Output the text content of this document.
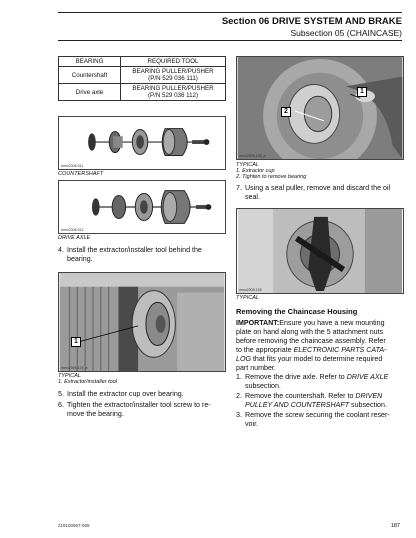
Section 06 DRIVE SYSTEM AND BRAKE
Subsection 05 (CHAINCASE)
BEARING	REQUIRED TOOL
Countershaft	BEARING PULLER/PUSHER
(P/N 529 036 111)
Drive axle	BEARING PULLER/PUSHER
(P/N 529 036 112)
mmo2008-011
COUNTERSHAFT
mmo2008-012
DRIVE AXLE
4. Install the extractor/installer tool behind the
bearing.
1
mmo2008-134_a
TYPICAL
1. Extractor/installer tool
5. Install the extractor cup over bearing.
6. Tighten the extractor/installer tool screw to re-
move the bearing.
1
2
mmo2008-135_a
TYPICAL
1. Extractor cup
2. Tighten to remove bearing
7. Using a seal puller, remove and discard the oil
seal.
mmo2008-136
TYPICAL
Removing the Chaincase Housing
IMPORTANT:Ensure you have a new mounting
plate on hand along with the 5 attachment nuts
before removing the chaincase assembly. Refer
to the appropriate ELECTRONIC PARTS CATA-
LOG that fits your model to determine required
part number.
1. Remove the drive axle. Refer to DRIVE AXLE
subsection.
2. Remove the countershaft. Refer to DRIVEN
PULLEY AND COUNTERSHAFT subsection.
3. Remove the screw securing the coolant reser-
voir.
219100967-069	187
